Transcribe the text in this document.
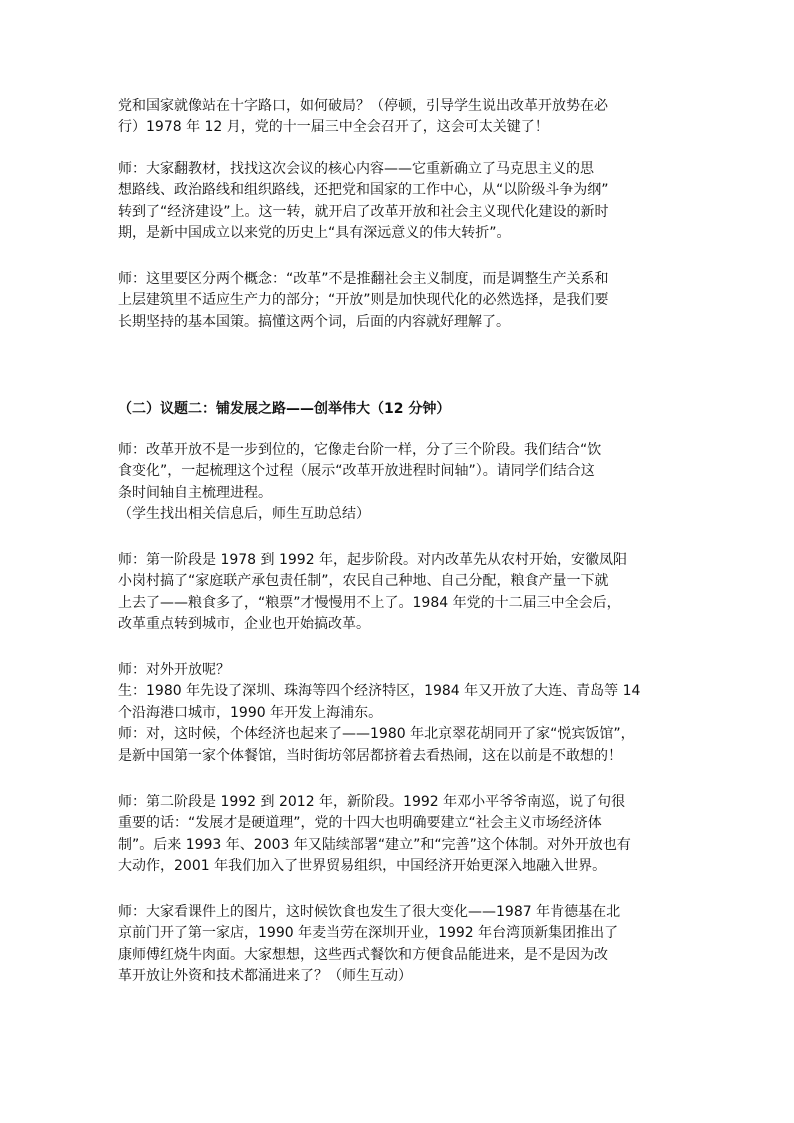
党和国家就像站在十字路口，如何破局？（停顿，引导学生说出改革开放势在必
行）1978 年 12 月，党的十一届三中全会召开了，这会可太关键了！

师：大家翻教材，找找这次会议的核心内容——它重新确立了马克思主义的思
想路线、政治路线和组织路线，还把党和国家的工作中心，从“以阶级斗争为纲”
转到了“经济建设”上。这一转，就开启了改革开放和社会主义现代化建设的新时
期，是新中国成立以来党的历史上“具有深远意义的伟大转折”。

师：这里要区分两个概念：“改革”不是推翻社会主义制度，而是调整生产关系和
上层建筑里不适应生产力的部分；“开放”则是加快现代化的必然选择，是我们要
长期坚持的基本国策。搞懂这两个词，后面的内容就好理解了。

（二）议题二：铺发展之路——创举伟大（12 分钟）

师：改革开放不是一步到位的，它像走台阶一样，分了三个阶段。我们结合“饮
食变化”，一起梳理这个过程（展示“改革开放进程时间轴”）。请同学们结合这
条时间轴自主梳理进程。
（学生找出相关信息后，师生互助总结）

师：第一阶段是 1978 到 1992 年，起步阶段。对内改革先从农村开始，安徽凤阳
小岗村搞了“家庭联产承包责任制”，农民自己种地、自己分配，粮食产量一下就
上去了——粮食多了，“粮票”才慢慢用不上了。1984 年党的十二届三中全会后，
改革重点转到城市，企业也开始搞改革。

师：对外开放呢？
生：1980 年先设了深圳、珠海等四个经济特区，1984 年又开放了大连、青岛等 14
个沿海港口城市，1990 年开发上海浦东。
师：对，这时候，个体经济也起来了——1980 年北京翠花胡同开了家“悦宾饭馆”，
是新中国第一家个体餐馆，当时街坊邻居都挤着去看热闹，这在以前是不敢想的！

师：第二阶段是 1992 到 2012 年，新阶段。1992 年邓小平爷爷南巡，说了句很
重要的话：“发展才是硬道理”，党的十四大也明确要建立“社会主义市场经济体
制”。后来 1993 年、2003 年又陆续部署“建立”和“完善”这个体制。对外开放也有
大动作，2001 年我们加入了世界贸易组织，中国经济开始更深入地融入世界。

师：大家看课件上的图片，这时候饮食也发生了很大变化——1987 年肯德基在北
京前门开了第一家店，1990 年麦当劳在深圳开业，1992 年台湾顶新集团推出了
康师傅红烧牛肉面。大家想想，这些西式餐饮和方便食品能进来，是不是因为改
革开放让外资和技术都涌进来了？（师生互动）
